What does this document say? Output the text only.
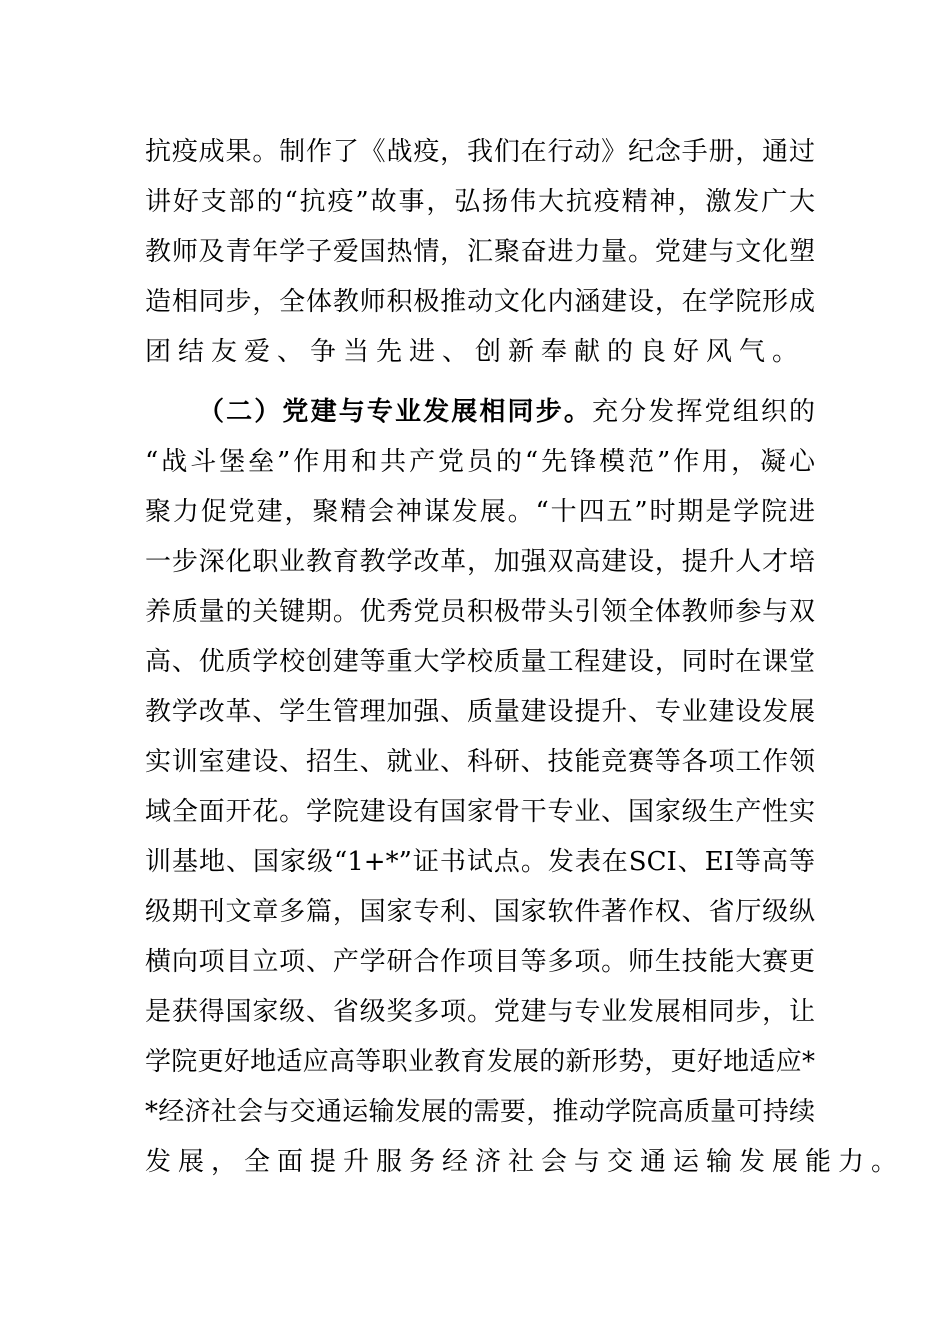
抗疫成果。制作了《战疫，我们在行动》纪念手册，通过
讲好支部的“抗疫”故事，弘扬伟大抗疫精神，激发广大
教师及青年学子爱国热情，汇聚奋进力量。党建与文化塑
造相同步，全体教师积极推动文化内涵建设，在学院形成
团结友爱、争当先进、创新奉献的良好风气。
（二）党建与专业发展相同步。充分发挥党组织的
“战斗堡垒”作用和共产党员的“先锋模范”作用，凝心
聚力促党建，聚精会神谋发展。“十四五”时期是学院进
一步深化职业教育教学改革，加强双高建设，提升人才培
养质量的关键期。优秀党员积极带头引领全体教师参与双
高、优质学校创建等重大学校质量工程建设，同时在课堂
教学改革、学生管理加强、质量建设提升、专业建设发展
实训室建设、招生、就业、科研、技能竞赛等各项工作领
域全面开花。学院建设有国家骨干专业、国家级生产性实
训基地、国家级“1+*”证书试点。发表在SCI、EI等高等
级期刊文章多篇，国家专利、国家软件著作权、省厅级纵
横向项目立项、产学研合作项目等多项。师生技能大赛更
是获得国家级、省级奖多项。党建与专业发展相同步，让
学院更好地适应高等职业教育发展的新形势，更好地适应*
*经济社会与交通运输发展的需要，推动学院高质量可持续
发展，全面提升服务经济社会与交通运输发展能力。
